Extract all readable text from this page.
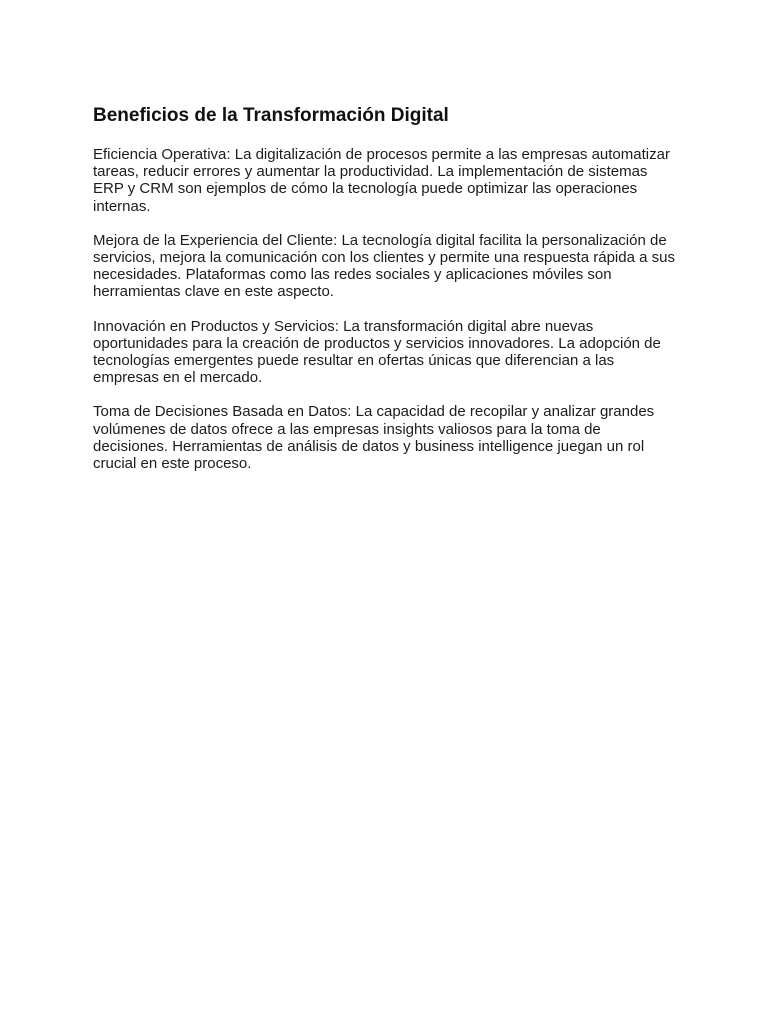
Beneficios de la Transformación Digital

Eficiencia Operativa: La digitalización de procesos permite a las empresas automatizar tareas, reducir errores y aumentar la productividad. La implementación de sistemas ERP y CRM son ejemplos de cómo la tecnología puede optimizar las operaciones internas.

Mejora de la Experiencia del Cliente: La tecnología digital facilita la personalización de servicios, mejora la comunicación con los clientes y permite una respuesta rápida a sus necesidades. Plataformas como las redes sociales y aplicaciones móviles son herramientas clave en este aspecto.

Innovación en Productos y Servicios: La transformación digital abre nuevas oportunidades para la creación de productos y servicios innovadores. La adopción de tecnologías emergentes puede resultar en ofertas únicas que diferencian a las empresas en el mercado.

Toma de Decisiones Basada en Datos: La capacidad de recopilar y analizar grandes volúmenes de datos ofrece a las empresas insights valiosos para la toma de decisiones. Herramientas de análisis de datos y business intelligence juegan un rol crucial en este proceso.
